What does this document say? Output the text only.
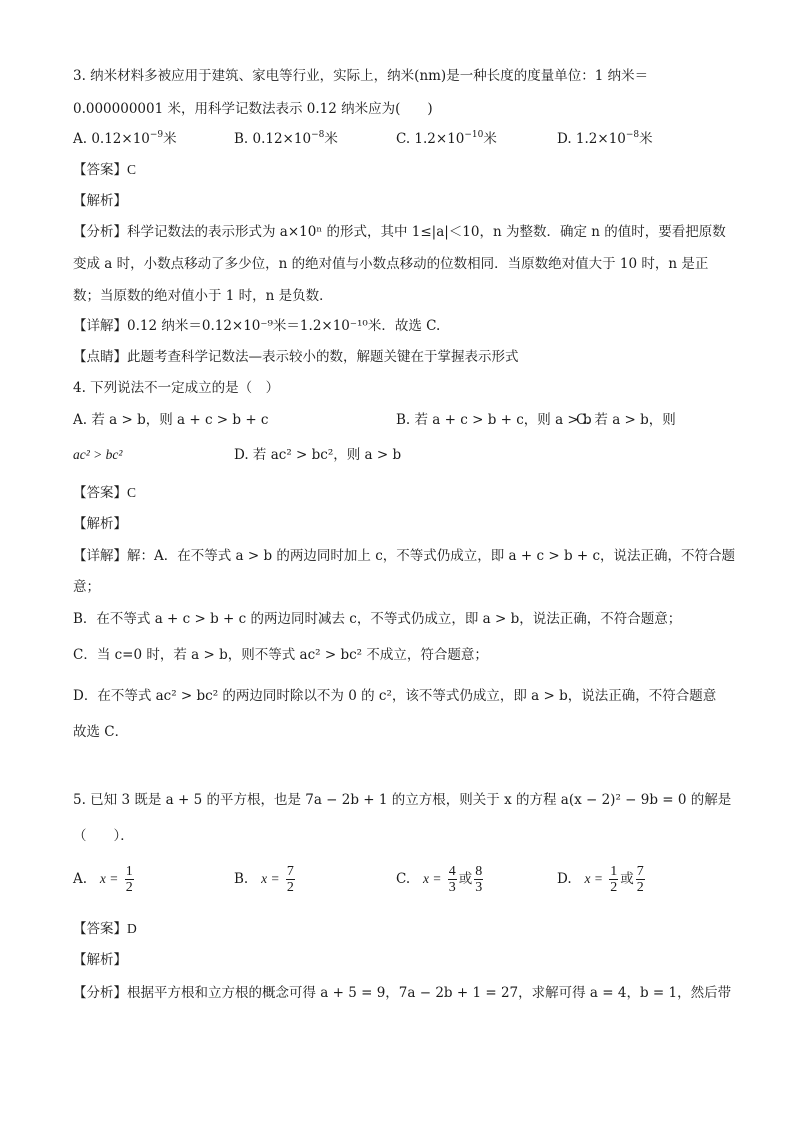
3. 纳米材料多被应用于建筑、家电等行业，实际上，纳米(nm)是一种长度的度量单位：1 纳米＝
0.000000001 米，用科学记数法表示 0.12 纳米应为(　　)
A. $0.12\times 10^{-9}$米	B. $0.12\times 10^{-8}$米	C. $1.2\times 10^{-10}$米	D. $1.2\times 10^{-8}$米
【答案】C
【解析】
【分析】科学记数法的表示形式为 a×10ⁿ 的形式，其中 1≤|a|＜10，n 为整数．确定 n 的值时，要看把原数
变成 a 时，小数点移动了多少位，n 的绝对值与小数点移动的位数相同．当原数绝对值大于 10 时，n 是正
数；当原数的绝对值小于 1 时，n 是负数．
【详解】0.12 纳米＝0.12×10⁻⁹米＝1.2×10⁻¹⁰米．故选 C.
【点睛】此题考查科学记数法—表示较小的数，解题关键在于掌握表示形式
4. 下列说法不一定成立的是（　）
A. 若 a > b，则 a + c > b + c	B. 若 a + c > b + c，则 a > b
C. 若 a > b，则
ac² > bc²	D. 若 ac² > bc²，则 a > b
【答案】C
【解析】
【详解】解：A．在不等式 a > b 的两边同时加上 c，不等式仍成立，即 a + c > b + c，说法正确，不符合题
意；
B．在不等式 a + c > b + c 的两边同时减去 c，不等式仍成立，即 a > b，说法正确，不符合题意；
C．当 c=0 时，若 a > b，则不等式 ac² > bc² 不成立，符合题意；
D．在不等式 ac² > bc² 的两边同时除以不为 0 的 c²，该不等式仍成立，即 a > b，说法正确，不符合题意
故选 C．
5. 已知 3 既是 a + 5 的平方根，也是 7a − 2b + 1 的立方根，则关于 x 的方程 a(x − 2)² − 9b = 0 的解是
（　　）．
A. $x = \frac{1}{2}$	B. $x = \frac{7}{2}$	C. $x = \frac{4}{3}$ 或 $\frac{8}{3}$	D. $x = \frac{1}{2}$ 或 $\frac{7}{2}$
【答案】D
【解析】
【分析】根据平方根和立方根的概念可得 a + 5 = 9，7a − 2b + 1 = 27，求解可得 a = 4，b = 1，然后带
